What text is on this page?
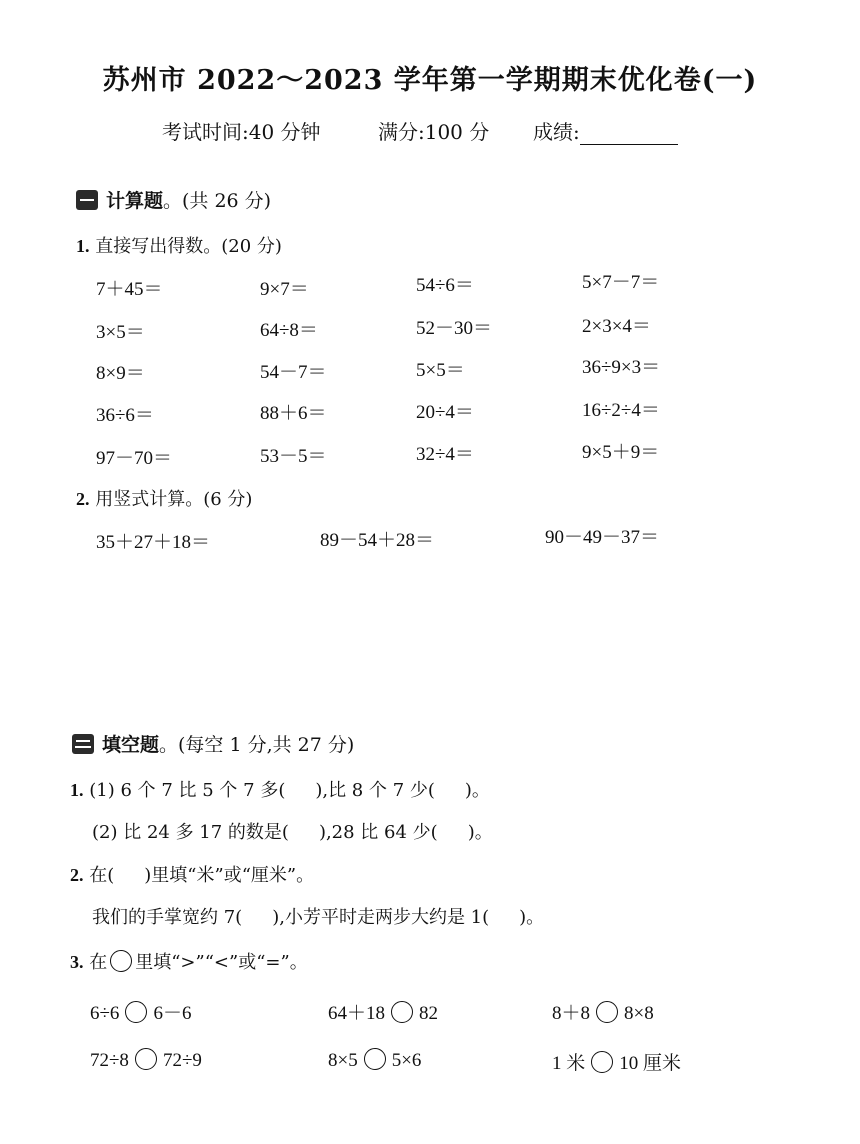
苏州市 2022～2023 学年第一学期期末优化卷(一)
考试时间:40 分钟	满分:100 分 成绩:
计算题。(共 26 分)
1. 直接写出得数。(20 分)
7＋45＝	9×7＝	54÷6＝	5×7－7＝
3×5＝	64÷8＝	52－30＝	2×3×4＝
8×9＝	54－7＝	5×5＝	36÷9×3＝
36÷6＝	88＋6＝	20÷4＝	16÷2÷4＝
97－70＝	53－5＝	32÷4＝	9×5＋9＝
2. 用竖式计算。(6 分)
35＋27＋18＝	89－54＋28＝	90－49－37＝
填空题。(每空 1 分,共 27 分)
1. (1) 6 个 7 比 5 个 7 多( ),比 8 个 7 少( )。
(2) 比 24 多 17 的数是( ),28 比 64 少( )。
2. 在( )里填“米”或“厘米”。
我们的手掌宽约 7( ),小芳平时走两步大约是 1( )。
3. 在 里填“>”“<”或“=”。
6÷6 6－6	64＋18 82	8＋8 8×8
72÷8 72÷9	8×5 5×6	1 米 10 厘米
